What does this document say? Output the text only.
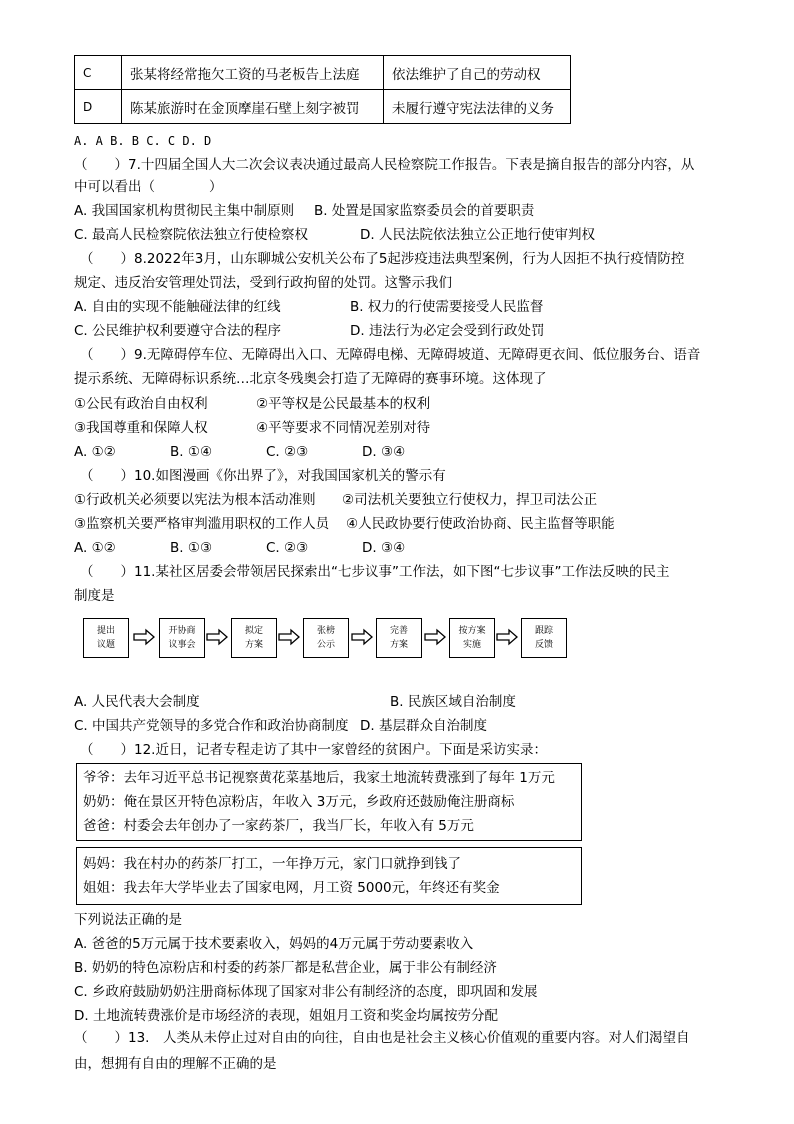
C	张某将经常拖欠工资的马老板告上法庭	依法维护了自己的劳动权
D	陈某旅游时在金顶摩崖石壁上刻字被罚	未履行遵守宪法法律的义务
A. A B. B C. C D. D
（　　）7.十四届全国人大二次会议表决通过最高人民检察院工作报告。下表是摘自报告的部分内容，从
中可以看出（　　　　）
A. 我国国家机构贯彻民主集中制原则 B. 处置是国家监察委员会的首要职责
C. 最高人民检察院依法独立行使检察权	D. 人民法院依法独立公正地行使审判权
（　　）8.2022年3月，山东聊城公安机关公布了5起涉疫违法典型案例，行为人因拒不执行疫情防控
规定、违反治安管理处罚法，受到行政拘留的处罚。这警示我们
A. 自由的实现不能触碰法律的红线	B. 权力的行使需要接受人民监督
C. 公民维护权利要遵守合法的程序	D. 违法行为必定会受到行政处罚
（　　）9.无障碍停车位、无障碍出入口、无障碍电梯、无障碍坡道、无障碍更衣间、低位服务台、语音
提示系统、无障碍标识系统…北京冬残奥会打造了无障碍的赛事环境。这体现了
①公民有政治自由权利	②平等权是公民最基本的权利
③我国尊重和保障人权	④平等要求不同情况差别对待
A. ①②	B. ①④	C. ②③	D. ③④
（　　）10.如图漫画《你出界了》，对我国国家机关的警示有
①行政机关必须要以宪法为根本活动准则 ②司法机关要独立行使权力，捍卫司法公正
③监察机关要严格审判滥用职权的工作人员 ④人民政协要行使政治协商、民主监督等职能
A. ①②	B. ①③	C. ②③	D. ③④
（　　）11.某社区居委会带领居民探索出“七步议事”工作法，如下图“七步议事”工作法反映的民主
制度是
提出
议题
开协商
议事会
拟定
方案
张榜
公示
完善
方案
按方案
实施
跟踪
反馈
A. 人民代表大会制度	B. 民族区域自治制度
C. 中国共产党领导的多党合作和政治协商制度 D. 基层群众自治制度
（　　）12.近日，记者专程走访了其中一家曾经的贫困户。下面是采访实录：
爷爷：去年习近平总书记视察黄花菜基地后，我家土地流转费涨到了每年 1万元
奶奶：俺在景区开特色凉粉店，年收入 3万元，乡政府还鼓励俺注册商标
爸爸：村委会去年创办了一家药茶厂，我当厂长，年收入有 5万元
妈妈：我在村办的药茶厂打工，一年挣万元，家门口就挣到钱了
姐姐：我去年大学毕业去了国家电网，月工资 5000元，年终还有奖金
下列说法正确的是
A. 爸爸的5万元属于技术要素收入，妈妈的4万元属于劳动要素收入
B. 奶奶的特色凉粉店和村委的药茶厂都是私营企业，属于非公有制经济
C. 乡政府鼓励奶奶注册商标体现了国家对非公有制经济的态度，即巩固和发展
D. 土地流转费涨价是市场经济的表现，姐姐月工资和奖金均属按劳分配
（　　）13.　人类从未停止过对自由的向往，自由也是社会主义核心价值观的重要内容。对人们渴望自
由，想拥有自由的理解不正确的是
